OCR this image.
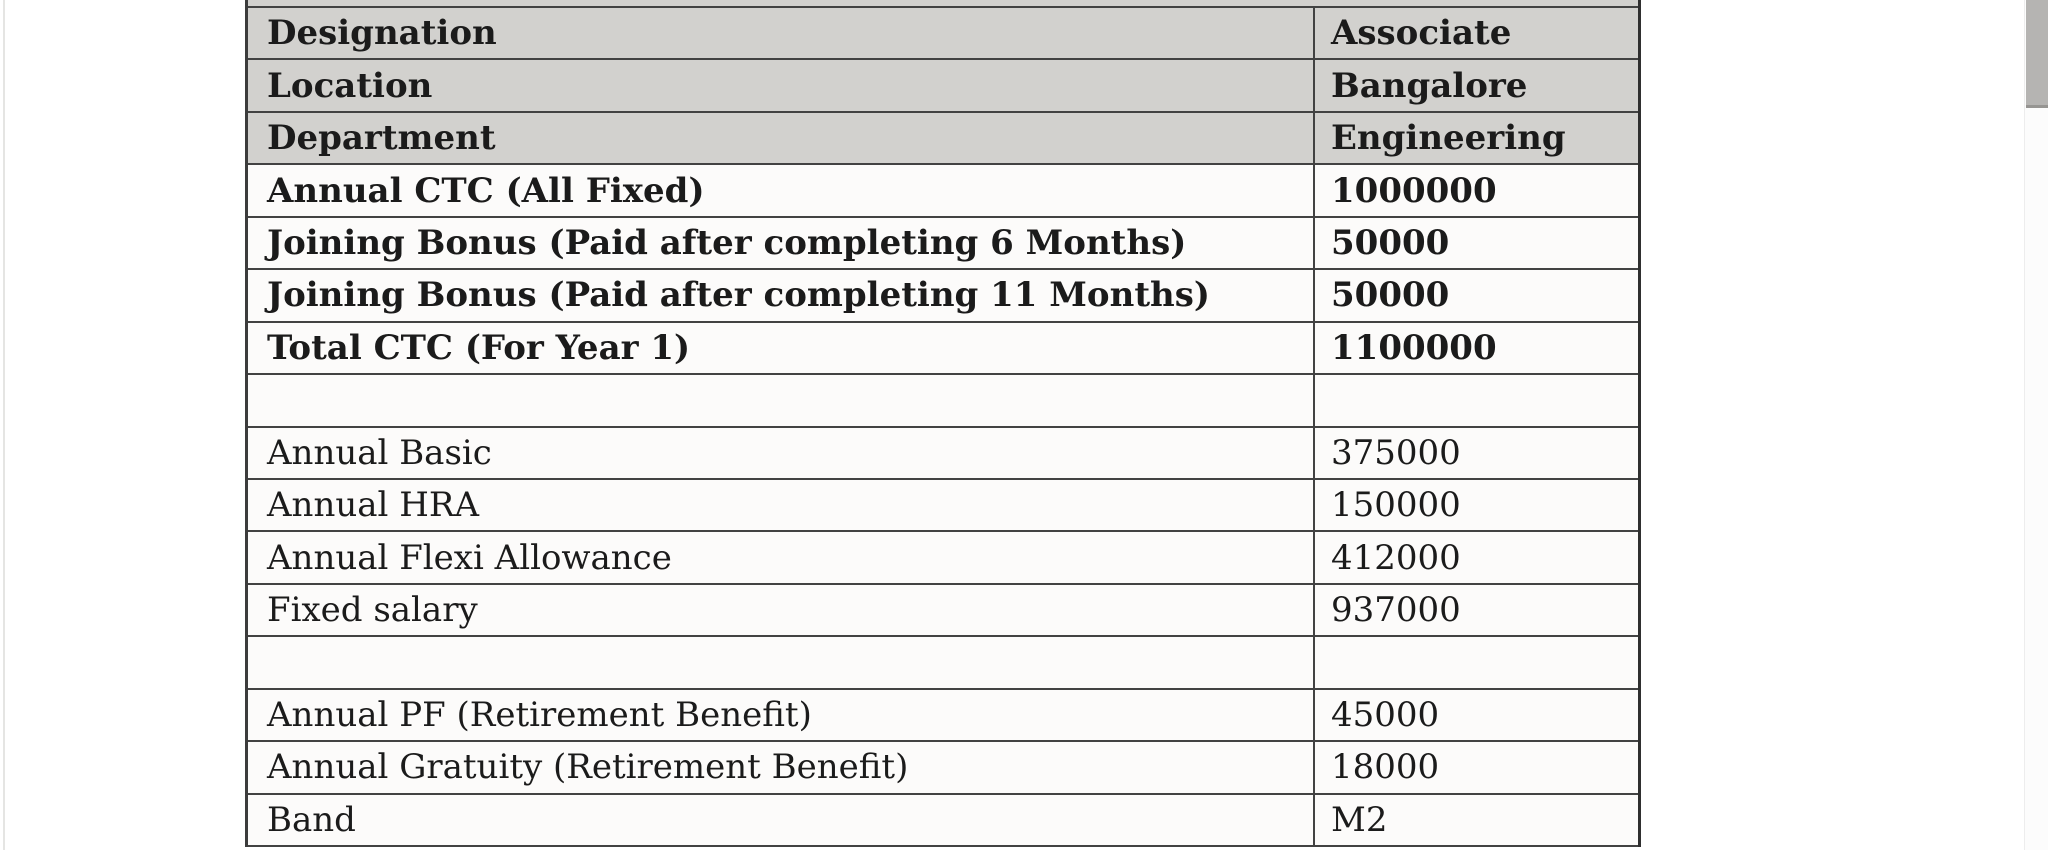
Designation	Associate
Location	Bangalore
Department	Engineering
Annual CTC (All Fixed)	1000000
Joining Bonus (Paid after completing 6 Months)	50000
Joining Bonus (Paid after completing 11 Months)	50000
Total CTC (For Year 1)	1100000
Annual Basic	375000
Annual HRA	150000
Annual Flexi Allowance	412000
Fixed salary	937000
Annual PF (Retirement Benefit)	45000
Annual Gratuity (Retirement Benefit)	18000
Band	M2
